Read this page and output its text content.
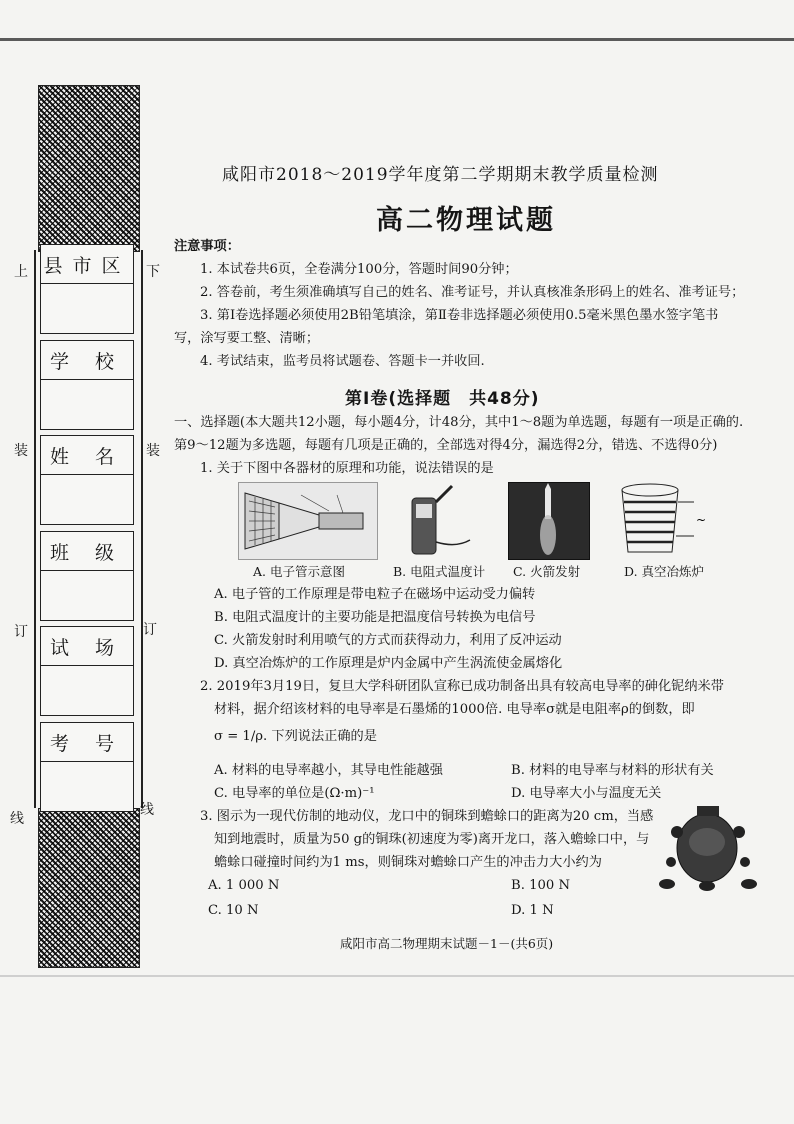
县市区
学 校
姓 名
班 级
试 场
考 号
上
装
订
线
下
装
订
线
咸阳市2018～2019学年度第二学期期末教学质量检测
高二物理试题
注意事项：
1. 本试卷共6页，全卷满分100分，答题时间90分钟；
2. 答卷前，考生须准确填写自己的姓名、准考证号，并认真核准条形码上的姓名、准考证号；
3. 第Ⅰ卷选择题必须使用2B铅笔填涂，第Ⅱ卷非选择题必须使用0.5毫米黑色墨水签字笔书
写，涂写要工整、清晰；
4. 考试结束，监考员将试题卷、答题卡一并收回.
第Ⅰ卷(选择题　共48分)
一、选择题(本大题共12小题，每小题4分，计48分，其中1～8题为单选题，每题有一项是正确的.
第9～12题为多选题，每题有几项是正确的，全部选对得4分，漏选得2分，错选、不选得0分)
1. 关于下图中各器材的原理和功能，说法错误的是
~
A. 电子管示意图	B. 电阻式温度计 C. 火箭发射	D. 真空冶炼炉
A. 电子管的工作原理是带电粒子在磁场中运动受力偏转
B. 电阻式温度计的主要功能是把温度信号转换为电信号
C. 火箭发射时利用喷气的方式而获得动力，利用了反冲运动
D. 真空冶炼炉的工作原理是炉内金属中产生涡流使金属熔化
2. 2019年3月19日，复旦大学科研团队宣称已成功制备出具有较高电导率的砷化铌纳米带
材料，据介绍该材料的电导率是石墨烯的1000倍. 电导率σ就是电阻率ρ的倒数，即
σ = 1/ρ. 下列说法正确的是
A. 材料的电导率越小，其导电性能越强	B. 材料的电导率与材料的形状有关
C. 电导率的单位是(Ω·m)⁻¹	D. 电导率大小与温度无关
3. 图示为一现代仿制的地动仪，龙口中的铜珠到蟾蜍口的距离为20 cm，当感
知到地震时，质量为50 g的铜珠(初速度为零)离开龙口，落入蟾蜍口中，与
蟾蜍口碰撞时间约为1 ms，则铜珠对蟾蜍口产生的冲击力大小约为
A. 1 000 N	B. 100 N
C. 10 N	D. 1 N
咸阳市高二物理期末试题－1－(共6页)
